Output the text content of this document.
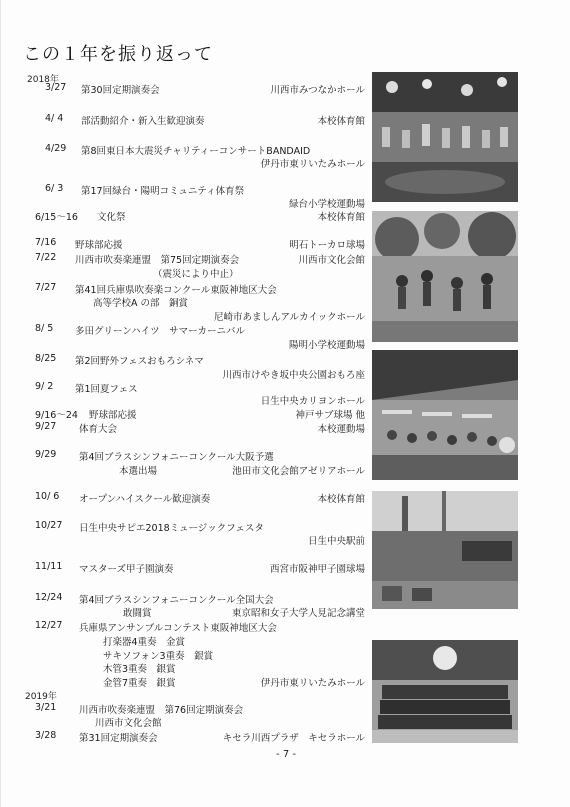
この１年を振り返って
2018年
3/27 第30回定期演奏会	川西市みつなかホール
4/ 4 部活動紹介・新入生歓迎演奏	本校体育館
4/29 第8回東日本大震災チャリティーコンサートBANDAID
伊丹市東リいたみホール
6/ 3 第17回緑台・陽明コミュニティ体育祭
緑台小学校運動場
6/15～16 文化祭	本校体育館
7/16 野球部応援	明石トーカロ球場
7/22 川西市吹奏楽連盟　第75回定期演奏会	川西市文化会館
（震災により中止）
7/27 第41回兵庫県吹奏楽コンクール東阪神地区大会
高等学校A の部　銅賞
尼崎市あましんアルカイックホール
8/ 5 多田グリーンハイツ　サマーカーニバル
陽明小学校運動場
8/25 第2回野外フェスおもろシネマ
川西市けやき坂中央公園おもろ座
9/ 2 第1回夏フェス
日生中央カリヨンホール
9/16～24 野球部応援	神戸サブ球場 他
9/27 体育大会	本校運動場
9/29 第4回ブラスシンフォニーコンクール大阪予選
本選出場	池田市文化会館アゼリアホール
10/ 6 オープンハイスクール歓迎演奏	本校体育館
10/27 日生中央サピエ2018ミュージックフェスタ
日生中央駅前
11/11 マスターズ甲子園演奏	西宮市阪神甲子園球場
12/24 第4回ブラスシンフォニーコンクール全国大会
敢闘賞	東京昭和女子大学人見記念講堂
12/27 兵庫県アンサンブルコンテスト東阪神地区大会
打楽器4重奏　金賞
サキソフォン3重奏　銀賞
木管3重奏　銀賞
金管7重奏　銀賞	伊丹市東リいたみホール
2019年
3/21 川西市吹奏楽連盟　第76回定期演奏会
川西市文化会館
3/28 第31回定期演奏会	キセラ川西プラザ　キセラホール
- 7 -
